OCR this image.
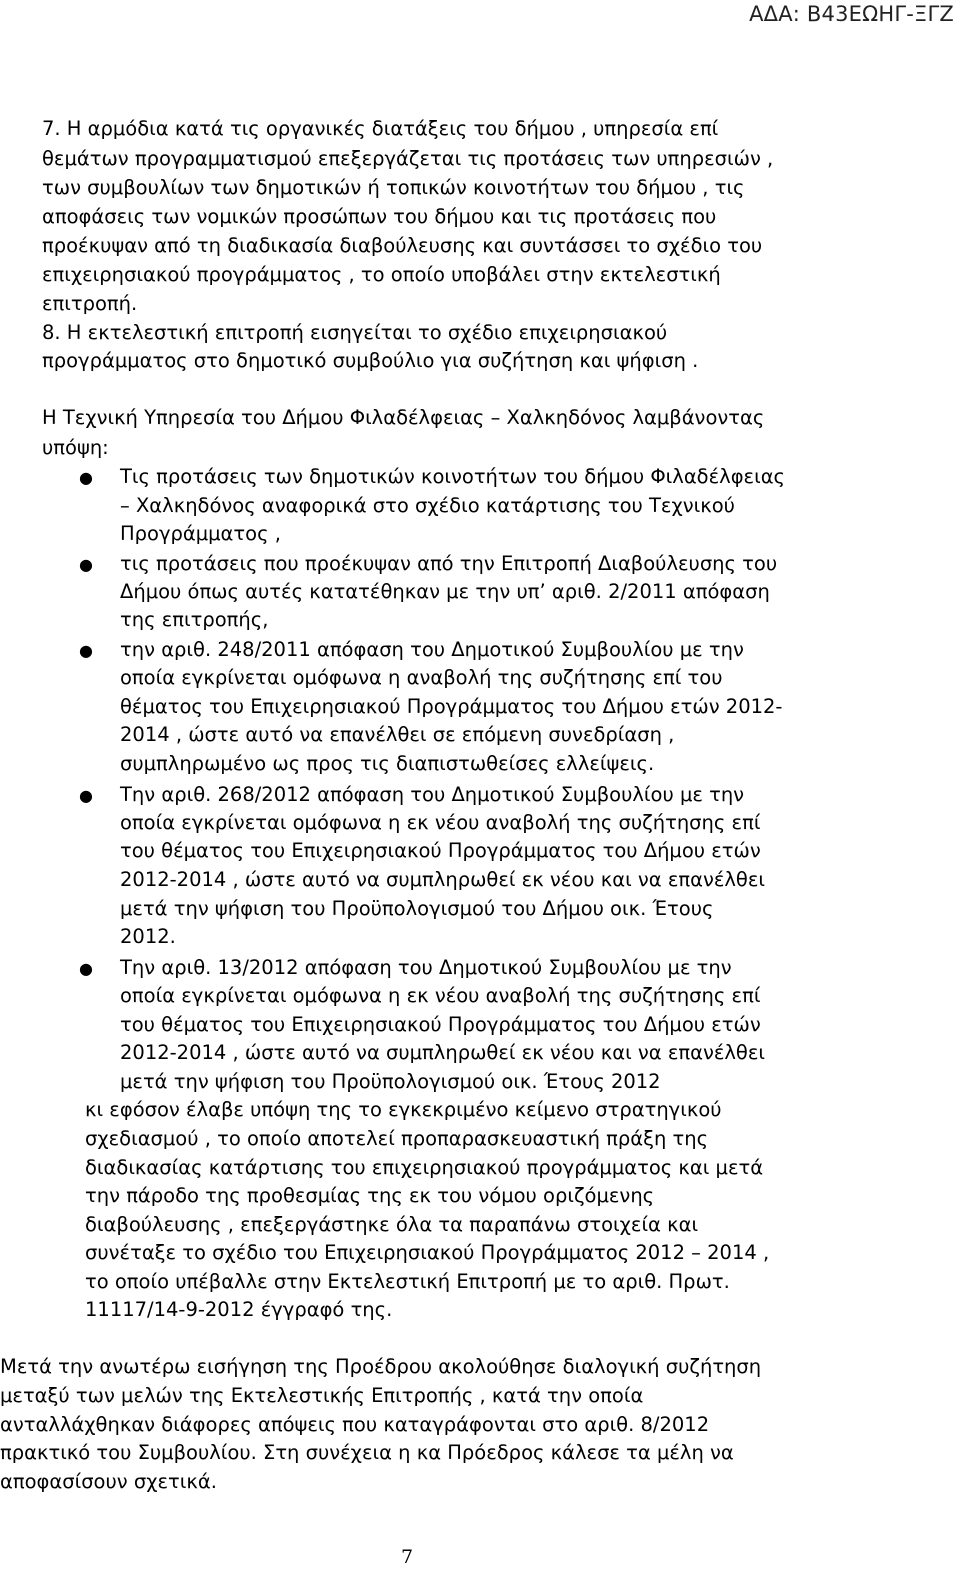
ΑΔΑ: Β43ΕΩΗΓ-ΞΓΖ
7. Η αρμόδια κατά τις οργανικές διατάξεις του δήμου , υπηρεσία επί
θεμάτων προγραμματισμού επεξεργάζεται τις προτάσεις των υπηρεσιών ,
των συμβουλίων των δημοτικών ή τοπικών κοινοτήτων του δήμου , τις
αποφάσεις των νομικών προσώπων του δήμου και τις προτάσεις που
προέκυψαν από τη διαδικασία διαβούλευσης και συντάσσει το σχέδιο του
επιχειρησιακού προγράμματος , το οποίο υποβάλει στην εκτελεστική
επιτροπή.
8. Η εκτελεστική επιτροπή εισηγείται το σχέδιο επιχειρησιακού
προγράμματος στο δημοτικό συμβούλιο για συζήτηση και ψήφιση .
Η Τεχνική Υπηρεσία του Δήμου Φιλαδέλφειας – Χαλκηδόνος λαμβάνοντας
υπόψη:
● Τις προτάσεις των δημοτικών κοινοτήτων του δήμου Φιλαδέλφειας
– Χαλκηδόνος αναφορικά στο σχέδιο κατάρτισης του Τεχνικού
Προγράμματος ,
● τις προτάσεις που προέκυψαν από την Επιτροπή Διαβούλευσης του
Δήμου όπως αυτές κατατέθηκαν με την υπ’ αριθ. 2/2011 απόφαση
της επιτροπής,
● την αριθ. 248/2011 απόφαση του Δημοτικού Συμβουλίου με την
οποία εγκρίνεται ομόφωνα η αναβολή της συζήτησης επί του
θέματος του Επιχειρησιακού Προγράμματος του Δήμου ετών 2012-
2014 , ώστε αυτό να επανέλθει σε επόμενη συνεδρίαση ,
συμπληρωμένο ως προς τις διαπιστωθείσες ελλείψεις.
● Την αριθ. 268/2012 απόφαση του Δημοτικού Συμβουλίου με την
οποία εγκρίνεται ομόφωνα η εκ νέου αναβολή της συζήτησης επί
του θέματος του Επιχειρησιακού Προγράμματος του Δήμου ετών
2012-2014 , ώστε αυτό να συμπληρωθεί εκ νέου και να επανέλθει
μετά την ψήφιση του Προϋπολογισμού του Δήμου οικ. Έτους
2012.
● Την αριθ. 13/2012 απόφαση του Δημοτικού Συμβουλίου με την
οποία εγκρίνεται ομόφωνα η εκ νέου αναβολή της συζήτησης επί
του θέματος του Επιχειρησιακού Προγράμματος του Δήμου ετών
2012-2014 , ώστε αυτό να συμπληρωθεί εκ νέου και να επανέλθει
μετά την ψήφιση του Προϋπολογισμού οικ. Έτους 2012
κι εφόσον έλαβε υπόψη της το εγκεκριμένο κείμενο στρατηγικού
σχεδιασμού , το οποίο αποτελεί προπαρασκευαστική πράξη της
διαδικασίας κατάρτισης του επιχειρησιακού προγράμματος και μετά
την πάροδο της προθεσμίας της εκ του νόμου οριζόμενης
διαβούλευσης , επεξεργάστηκε όλα τα παραπάνω στοιχεία και
συνέταξε το σχέδιο του Επιχειρησιακού Προγράμματος 2012 – 2014 ,
το οποίο υπέβαλλε στην Εκτελεστική Επιτροπή με το αριθ. Πρωτ.
11117/14-9-2012 έγγραφό της.
Μετά την ανωτέρω εισήγηση της Προέδρου ακολούθησε διαλογική συζήτηση
μεταξύ των μελών της Εκτελεστικής Επιτροπής , κατά την οποία
ανταλλάχθηκαν διάφορες απόψεις που καταγράφονται στο αριθ. 8/2012
πρακτικό του Συμβουλίου. Στη συνέχεια η κα Πρόεδρος κάλεσε τα μέλη να
αποφασίσουν σχετικά.
7
